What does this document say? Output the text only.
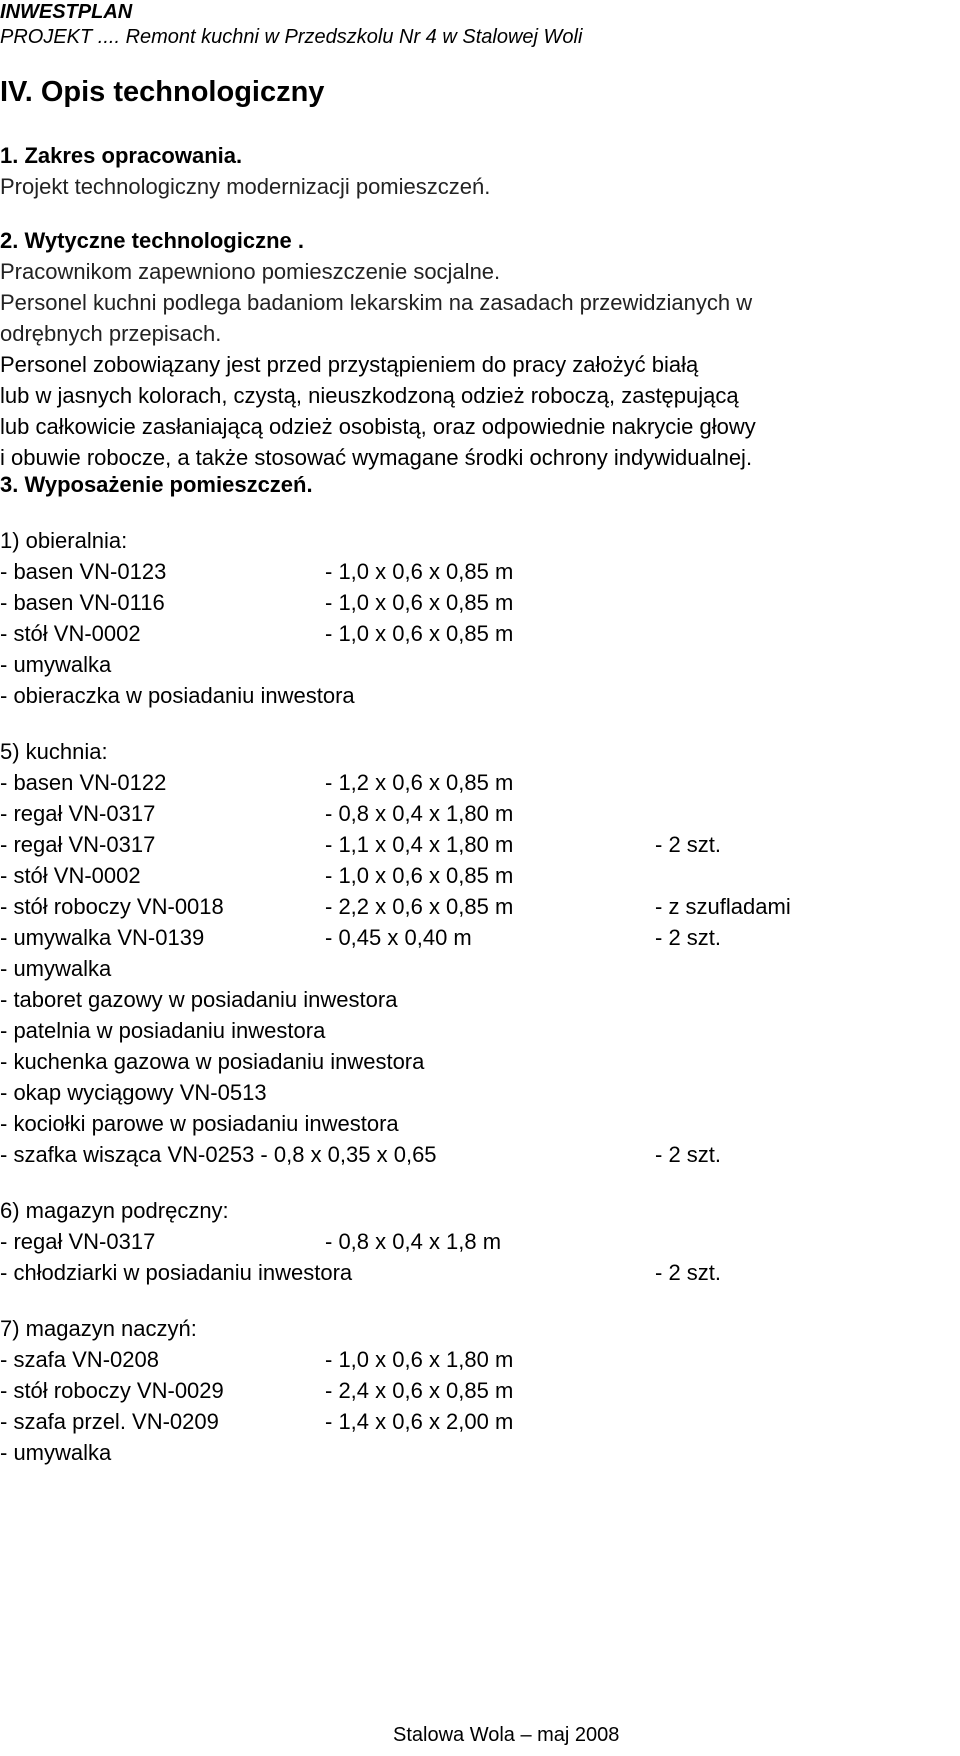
INWESTPLAN
PROJEKT .... Remont kuchni w Przedszkolu Nr 4 w Stalowej Woli
IV. Opis technologiczny
1. Zakres opracowania.
Projekt technologiczny modernizacji pomieszczeń.
2. Wytyczne technologiczne .
Pracownikom zapewniono pomieszczenie socjalne.
Personel kuchni podlega badaniom lekarskim na zasadach przewidzianych w
odrębnych przepisach.
Personel zobowiązany jest przed przystąpieniem do pracy założyć białą
lub w jasnych kolorach, czystą, nieuszkodzoną odzież roboczą, zastępującą
lub całkowicie zasłaniającą odzież osobistą, oraz odpowiednie nakrycie głowy
i obuwie robocze, a także stosować wymagane środki ochrony indywidualnej.
3. Wyposażenie pomieszczeń.
1) obieralnia:
- basen VN-0123	- 1,0 x 0,6 x 0,85 m
- basen VN-0116	- 1,0 x 0,6 x 0,85 m
- stół VN-0002	- 1,0 x 0,6 x 0,85 m
- umywalka
- obieraczka w posiadaniu inwestora
5) kuchnia:
- basen VN-0122	- 1,2 x 0,6 x 0,85 m
- regał VN-0317	- 0,8 x 0,4 x 1,80 m
- regał VN-0317	- 1,1 x 0,4 x 1,80 m	- 2 szt.
- stół VN-0002	- 1,0 x 0,6 x 0,85 m
- stół roboczy VN-0018	- 2,2 x 0,6 x 0,85 m	- z szufladami
- umywalka VN-0139	- 0,45 x 0,40 m	- 2 szt.
- umywalka
- taboret gazowy w posiadaniu inwestora
- patelnia w posiadaniu inwestora
- kuchenka gazowa w posiadaniu inwestora
- okap wyciągowy VN-0513
- kociołki parowe w posiadaniu inwestora
- szafka wisząca VN-0253 - 0,8 x 0,35 x 0,65	- 2 szt.
6) magazyn podręczny:
- regał VN-0317	- 0,8 x 0,4 x 1,8 m
- chłodziarki w posiadaniu inwestora	- 2 szt.
7) magazyn naczyń:
- szafa VN-0208	- 1,0 x 0,6 x 1,80 m
- stół roboczy VN-0029	- 2,4 x 0,6 x 0,85 m
- szafa przel. VN-0209	- 1,4 x 0,6 x 2,00 m
- umywalka
Stalowa Wola – maj 2008
